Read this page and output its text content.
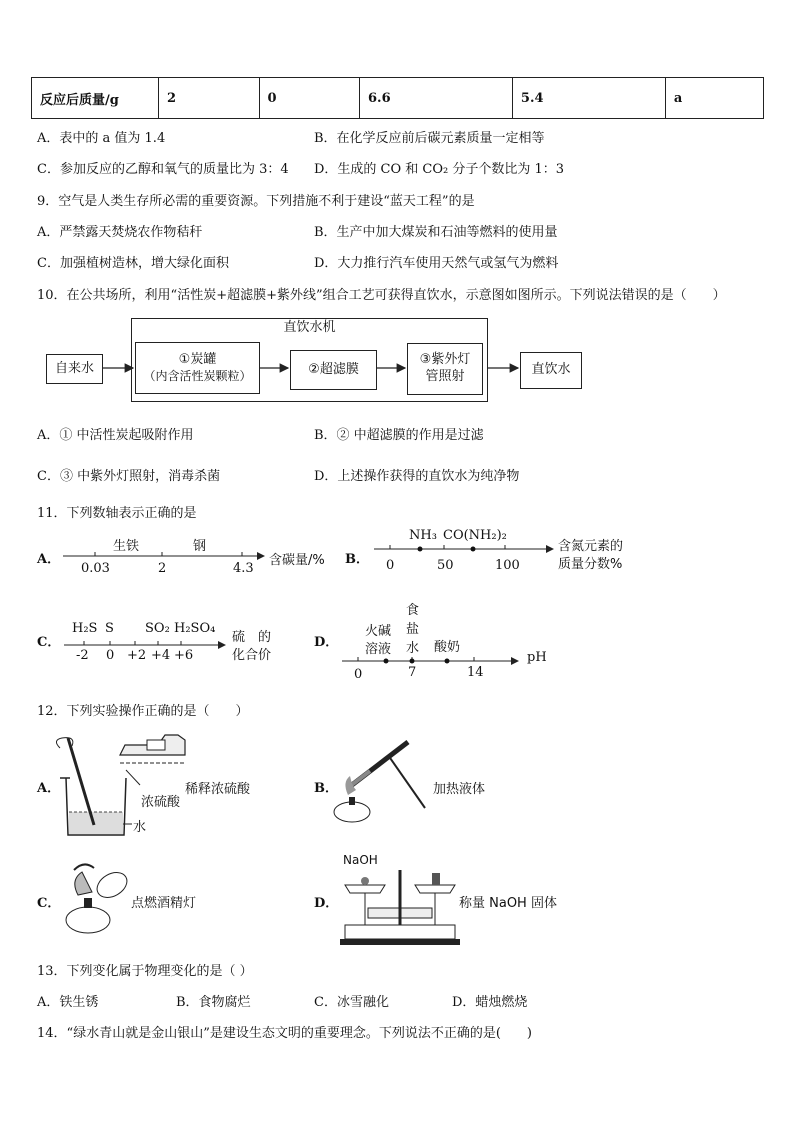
反应后质量/g	2	0	6.6	5.4	a
A．表中的 a 值为 1.4	B．在化学反应前后碳元素质量一定相等
C．参加反应的乙醇和氧气的质量比为 3：4 D．生成的 CO 和 CO₂ 分子个数比为 1：3
9．空气是人类生存所必需的重要资源。下列措施不利于建设“蓝天工程”的是
A．严禁露天焚烧农作物秸秆	B．生产中加大煤炭和石油等燃料的使用量
C．加强植树造林，增大绿化面积	D．大力推行汽车使用天然气或氢气为燃料
10．在公共场所，利用“活性炭+超滤膜+紫外线”组合工艺可获得直饮水，示意图如图所示。下列说法错误的是（　　）
直饮水机
自来水
①炭罐
（内含活性炭颗粒）	②超滤膜
③紫外灯
管照射	直饮水
A．① 中活性炭起吸附作用	B．② 中超滤膜的作用是过滤
C．③ 中紫外灯照射，消毒杀菌	D．上述操作获得的直饮水为纯净物
11．下列数轴表示正确的是
A．
生铁	钢
0.03	2	4.3
含碳量/% B．
NH₃ CO(NH₂)₂
0	50	100
含氮元素的
质量分数%
C．
H₂S S SO₂ H₂SO₄
-2 0 +2 +4 +6
硫　的
化合价
D．
火碱
溶液
食
盐
水 酸奶
0	7	14
pH
12．下列实验操作正确的是（　　）
A．	稀释浓硫酸
浓硫酸
水
B．	加热液体
C．	点燃酒精灯	D．
NaOH
称量 NaOH 固体
13．下列变化属于物理变化的是（ ）
A．铁生锈	B．食物腐烂	C．冰雪融化	D．蜡烛燃烧
14．“绿水青山就是金山银山”是建设生态文明的重要理念。下列说法不正确的是(　　)
